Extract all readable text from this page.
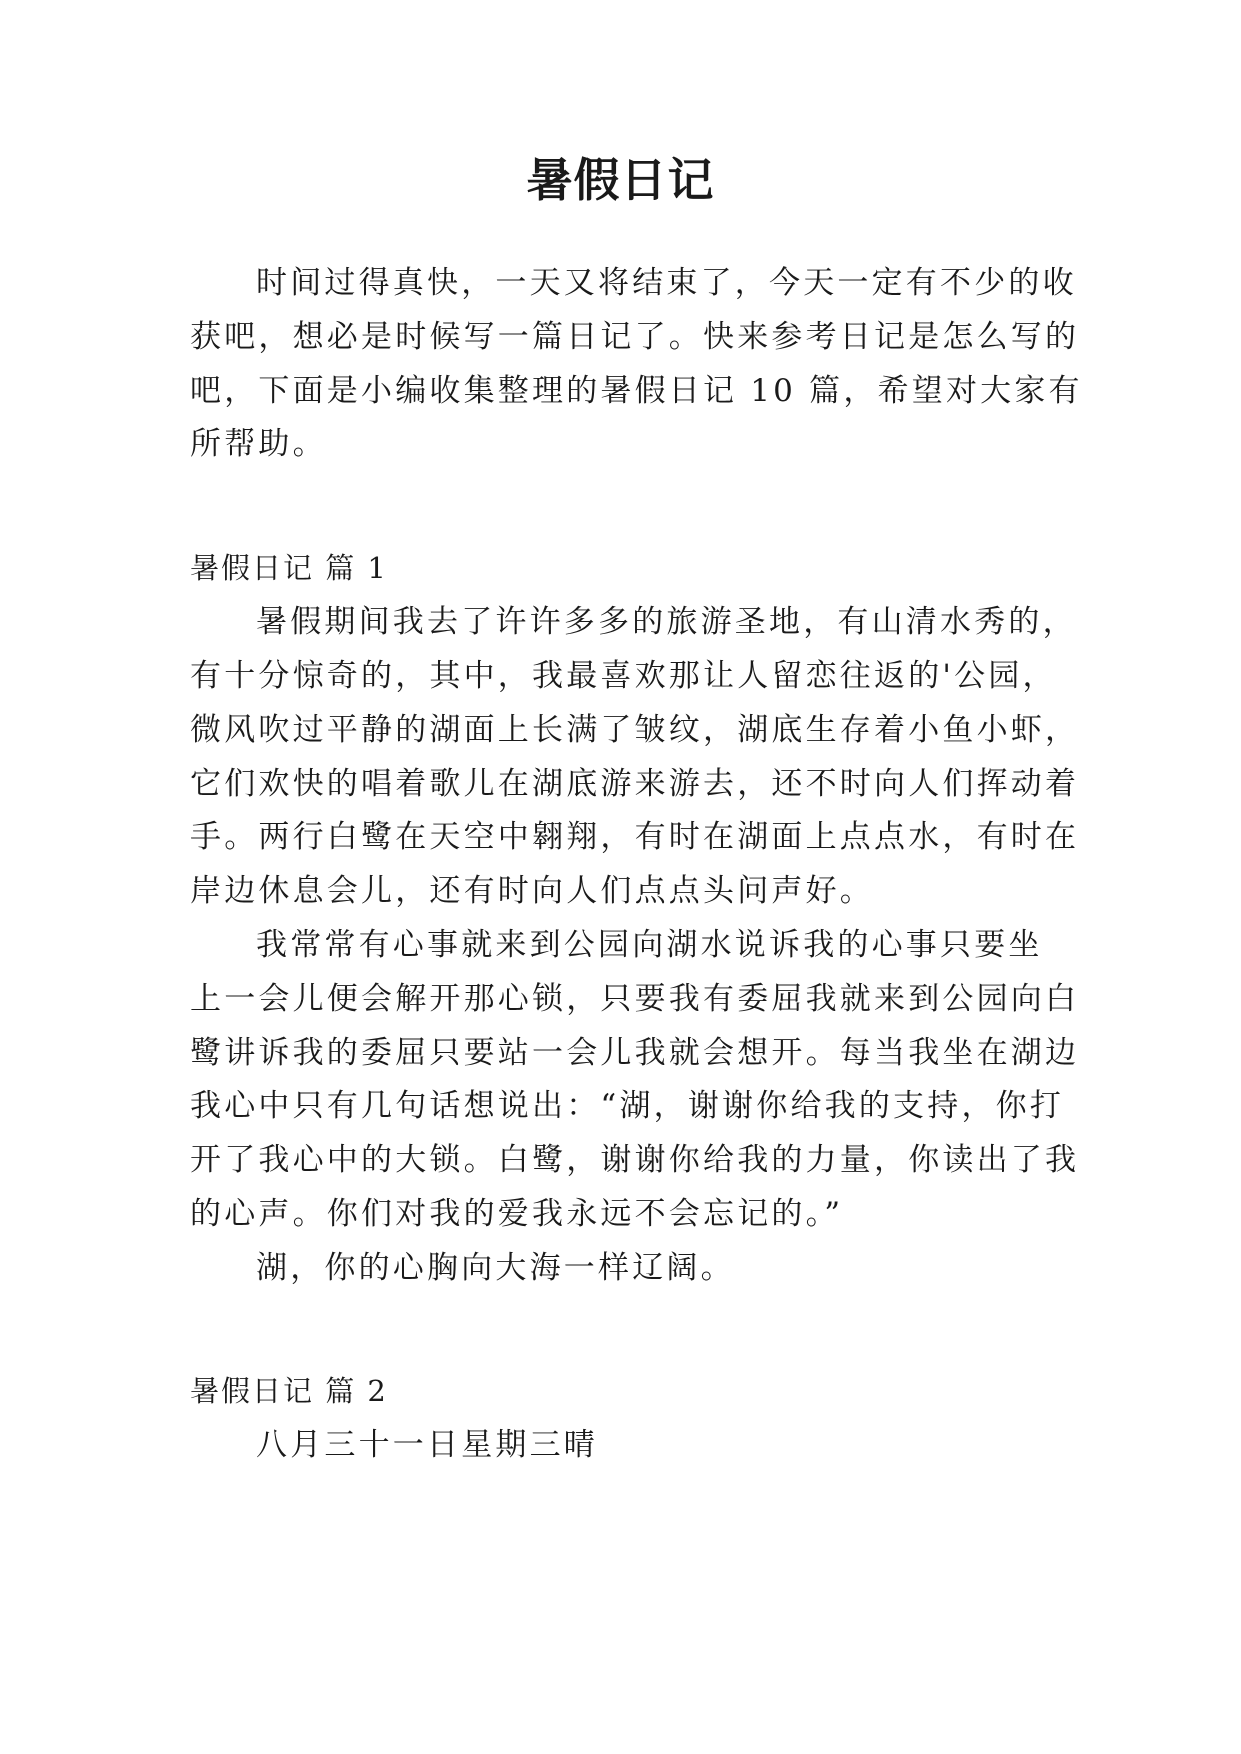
暑假日记
时间过得真快，一天又将结束了，今天一定有不少的收
获吧，想必是时候写一篇日记了。快来参考日记是怎么写的
吧，下面是小编收集整理的暑假日记 10 篇，希望对大家有
所帮助。
暑假日记 篇 1
暑假期间我去了许许多多的旅游圣地，有山清水秀的，
有十分惊奇的，其中，我最喜欢那让人留恋往返的'公园，
微风吹过平静的湖面上长满了皱纹，湖底生存着小鱼小虾，
它们欢快的唱着歌儿在湖底游来游去，还不时向人们挥动着
手。两行白鹭在天空中翱翔，有时在湖面上点点水，有时在
岸边休息会儿，还有时向人们点点头问声好。
我常常有心事就来到公园向湖水说诉我的心事只要坐
上一会儿便会解开那心锁，只要我有委屈我就来到公园向白
鹭讲诉我的委屈只要站一会儿我就会想开。每当我坐在湖边
我心中只有几句话想说出：“湖，谢谢你给我的支持，你打
开了我心中的大锁。白鹭，谢谢你给我的力量，你读出了我
的心声。你们对我的爱我永远不会忘记的。”
湖，你的心胸向大海一样辽阔。
暑假日记 篇 2
八月三十一日星期三晴
